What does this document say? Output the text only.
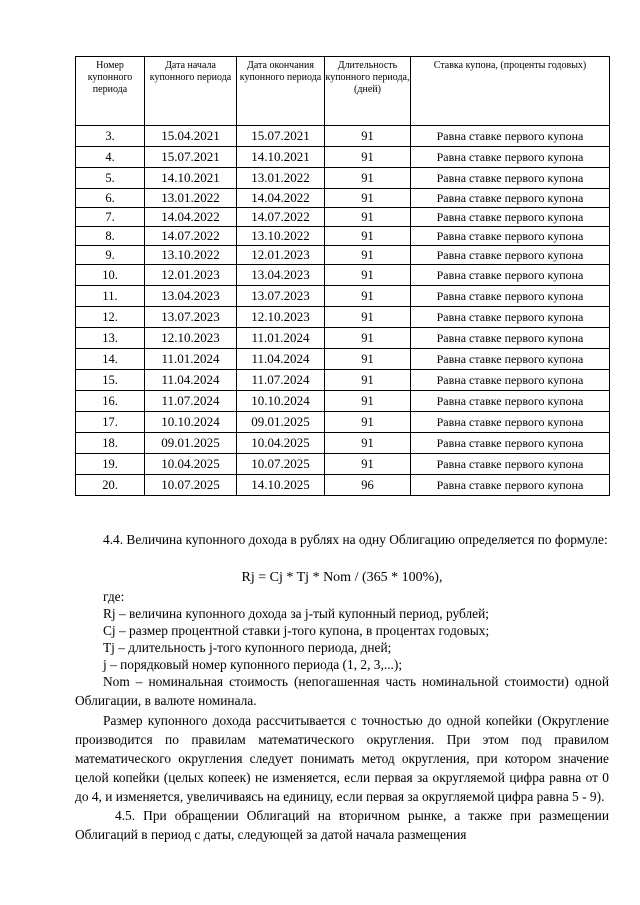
Номер купонного периода	Дата начала купонного периода	Дата окончания купонного периода	Длительность купонного периода, (дней)	Ставка купона, (проценты годовых)
3.	15.04.2021	15.07.2021	91	Равна ставке первого купона
4.	15.07.2021	14.10.2021	91	Равна ставке первого купона
5.	14.10.2021	13.01.2022	91	Равна ставке первого купона
6.	13.01.2022	14.04.2022	91	Равна ставке первого купона
7.	14.04.2022	14.07.2022	91	Равна ставке первого купона
8.	14.07.2022	13.10.2022	91	Равна ставке первого купона
9.	13.10.2022	12.01.2023	91	Равна ставке первого купона
10.	12.01.2023	13.04.2023	91	Равна ставке первого купона
11.	13.04.2023	13.07.2023	91	Равна ставке первого купона
12.	13.07.2023	12.10.2023	91	Равна ставке первого купона
13.	12.10.2023	11.01.2024	91	Равна ставке первого купона
14.	11.01.2024	11.04.2024	91	Равна ставке первого купона
15.	11.04.2024	11.07.2024	91	Равна ставке первого купона
16.	11.07.2024	10.10.2024	91	Равна ставке первого купона
17.	10.10.2024	09.01.2025	91	Равна ставке первого купона
18.	09.01.2025	10.04.2025	91	Равна ставке первого купона
19.	10.04.2025	10.07.2025	91	Равна ставке первого купона
20.	10.07.2025	14.10.2025	96	Равна ставке первого купона
4.4. Величина купонного дохода в рублях на одну Облигацию определяется по формуле:
Rj = Cj * Tj * Nom / (365 * 100%),
где:
Rj – величина купонного дохода за j-тый купонный период, рублей;
Cj – размер процентной ставки j-того купона, в процентах годовых;
Tj – длительность j-того купонного периода, дней;
j – порядковый номер купонного периода (1, 2, 3,...);
Nom – номинальная стоимость (непогашенная часть номинальной стоимости) одной Облигации, в валюте номинала.
Размер купонного дохода рассчитывается с точностью до одной копейки (Округление производится по правилам математического округления. При этом под правилом математического округления следует понимать метод округления, при котором значение целой копейки (целых копеек) не изменяется, если первая за округляемой цифра равна от 0 до 4, и изменяется, увеличиваясь на единицу, если первая за округляемой цифра равна 5 - 9).
4.5. При обращении Облигаций на вторичном рынке, а также при размещении Облигаций в период с даты, следующей за датой начала размещения
